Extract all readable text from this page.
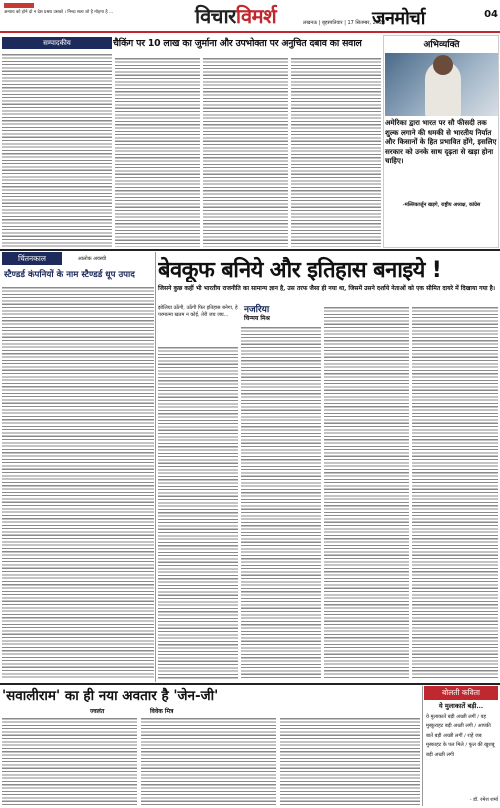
अन्याय को होने दो न देश प्रश्रय उसको । निन्दा सत्य जो है मोहमा है ...	विचारविमर्श	लखनऊ | बृहस्पतिवार | 17 सितम्बर, 2020
जनमोर्चा	04
सम्पादकीय	चैकिंग पर 10 लाख का जुर्माना और उपभोक्ता पर अनुचित दबाव का सवाल	अभिव्यक्ति
अमेरिका द्वारा भारत पर सौ फीसदी तक शुल्क लगाने की धमकी से भारतीय निर्यात और किसानों के हित प्रभावित होंगे, इसलिए सरकार को उनके साथ दृढ़ता से खड़ा होना चाहिए।
-मल्लिकार्जुन खड़गे, राष्ट्रीय अध्यक्ष, कांग्रेस
चिंतनकाल	आलोक अवस्थी
स्टैण्डर्ड कंपनियों के नाम स्टैण्डर्ड धूप उपाद	बेवकूफ बनिये और इतिहास बनाइये !
जिसने कुछ कहीं भी भारतीय राजनीति का सामान्य ज्ञान है, उस तरफ जैसा ही नया था, जिसमें उसने दर्शाये नेताओं को एक सीमित दायरे में दिखाया गया है।
झोलिया उठेंगी, उठेंगी फिर इतिहास बनेगा, हे परमात्मा खतम न कोई, तेरी जय जय...	नजरिया
चिन्मय मिश्र
'सवालीराम' का ही नया अवतार है 'जेन-जी'
ज्वलंत	विवेक मित्र
बोलती कविता
ये मुलाकातें बड़ी...
ये मुलाकातें बड़ी अच्छी लगीं / वह मुस्कुराहट बड़ी अच्छी लगी / आपकी बातें बड़ी अच्छी लगीं / राहें जब मुस्काहट के पल मिले / फूल की खुशबू बड़ी अच्छी लगी
- डॉ. रमेश शर्मा
